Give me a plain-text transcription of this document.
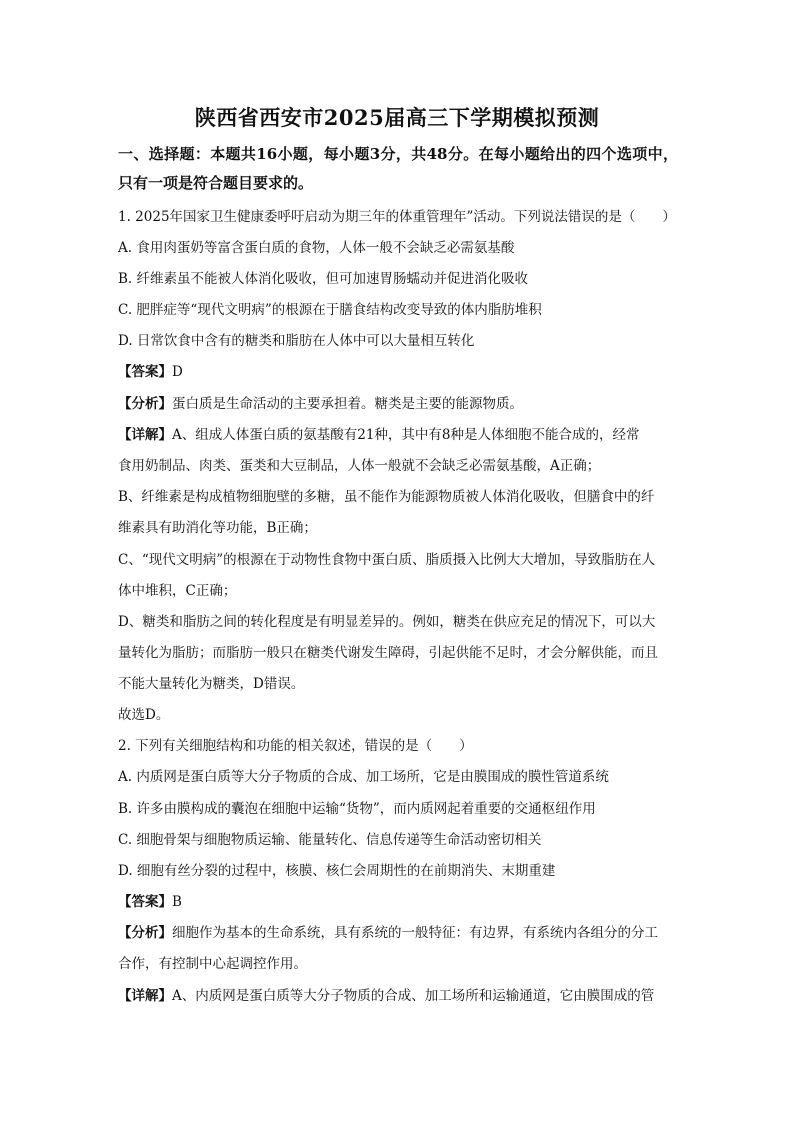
陕西省西安市2025届高三下学期模拟预测
一、选择题：本题共16小题，每小题3分，共48分。在每小题给出的四个选项中，只有一项是符合题目要求的。
1. 2025年国家卫生健康委呼吁启动为期三年的体重管理年”活动。下列说法错误的是（　　）
A. 食用肉蛋奶等富含蛋白质的食物，人体一般不会缺乏必需氨基酸
B. 纤维素虽不能被人体消化吸收，但可加速胃肠蠕动并促进消化吸收
C. 肥胖症等“现代文明病”的根源在于膳食结构改变导致的体内脂肪堆积
D. 日常饮食中含有的糖类和脂肪在人体中可以大量相互转化
【答案】D
【分析】蛋白质是生命活动的主要承担着。糖类是主要的能源物质。
【详解】A、组成人体蛋白质的氨基酸有21种，其中有8种是人体细胞不能合成的，经常
食用奶制品、肉类、蛋类和大豆制品，人体一般就不会缺乏必需氨基酸，A正确；
B、纤维素是构成植物细胞壁的多糖，虽不能作为能源物质被人体消化吸收，但膳食中的纤
维素具有助消化等功能，B正确；
C、“现代文明病”的根源在于动物性食物中蛋白质、脂质摄入比例大大增加，导致脂肪在人
体中堆积，C正确；
D、糖类和脂肪之间的转化程度是有明显差异的。例如，糖类在供应充足的情况下，可以大
量转化为脂肪；而脂肪一般只在糖类代谢发生障碍，引起供能不足时，才会分解供能，而且
不能大量转化为糖类，D错误。
故选D。
2. 下列有关细胞结构和功能的相关叙述，错误的是（　　）
A. 内质网是蛋白质等大分子物质的合成、加工场所，它是由膜围成的膜性管道系统
B. 许多由膜构成的囊泡在细胞中运输“货物”，而内质网起着重要的交通枢纽作用
C. 细胞骨架与细胞物质运输、能量转化、信息传递等生命活动密切相关
D. 细胞有丝分裂的过程中，核膜、核仁会周期性的在前期消失、末期重建
【答案】B
【分析】细胞作为基本的生命系统，具有系统的一般特征：有边界，有系统内各组分的分工
合作，有控制中心起调控作用。
【详解】A、内质网是蛋白质等大分子物质的合成、加工场所和运输通道，它由膜围成的管
